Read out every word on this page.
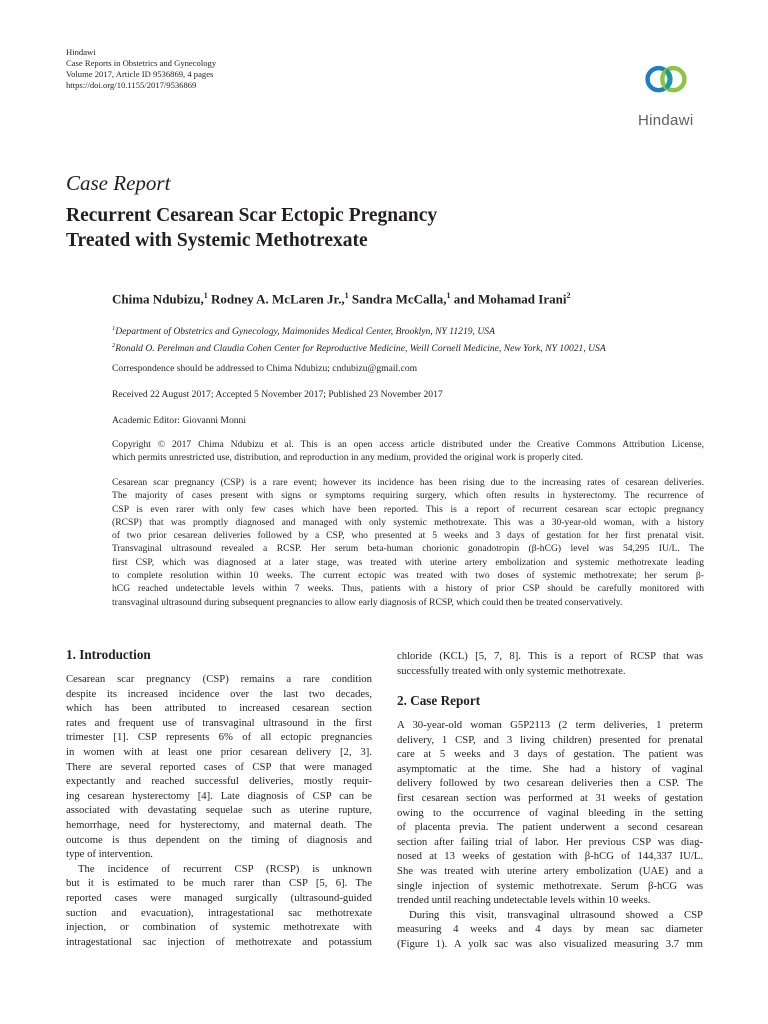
Hindawi
Case Reports in Obstetrics and Gynecology
Volume 2017, Article ID 9536869, 4 pages
https://doi.org/10.1155/2017/9536869
Hindawi
Case Report
Recurrent Cesarean Scar Ectopic Pregnancy
Treated with Systemic Methotrexate
Chima Ndubizu,$^1$ Rodney A. McLaren Jr.,$^1$ Sandra McCalla,$^1$ and Mohamad Irani$^2$
$^1$Department of Obstetrics and Gynecology, Maimonides Medical Center, Brooklyn, NY 11219, USA
$^2$Ronald O. Perelman and Claudia Cohen Center for Reproductive Medicine, Weill Cornell Medicine, New York, NY 10021, USA
Correspondence should be addressed to Chima Ndubizu; cndubizu@gmail.com
Received 22 August 2017; Accepted 5 November 2017; Published 23 November 2017
Academic Editor: Giovanni Monni
Copyright © 2017 Chima Ndubizu et al. This is an open access article distributed under the Creative Commons Attribution License,
which permits unrestricted use, distribution, and reproduction in any medium, provided the original work is properly cited.
Cesarean scar pregnancy (CSP) is a rare event; however its incidence has been rising due to the increasing rates of cesarean deliveries.
The majority of cases present with signs or symptoms requiring surgery, which often results in hysterectomy. The recurrence of
CSP is even rarer with only few cases which have been reported. This is a report of recurrent cesarean scar ectopic pregnancy
(RCSP) that was promptly diagnosed and managed with only systemic methotrexate. This was a 30-year-old woman, with a history
of two prior cesarean deliveries followed by a CSP, who presented at 5 weeks and 3 days of gestation for her first prenatal visit.
Transvaginal ultrasound revealed a RCSP. Her serum beta-human chorionic gonadotropin (β-hCG) level was 54,295 IU/L. The
first CSP, which was diagnosed at a later stage, was treated with uterine artery embolization and systemic methotrexate leading
to complete resolution within 10 weeks. The current ectopic was treated with two doses of systemic methotrexate; her serum β-
hCG reached undetectable levels within 7 weeks. Thus, patients with a history of prior CSP should be carefully monitored with
transvaginal ultrasound during subsequent pregnancies to allow early diagnosis of RCSP, which could then be treated conservatively.
1. Introduction
Cesarean scar pregnancy (CSP) remains a rare condition
despite its increased incidence over the last two decades,
which has been attributed to increased cesarean section
rates and frequent use of transvaginal ultrasound in the first
trimester [1]. CSP represents 6% of all ectopic pregnancies
in women with at least one prior cesarean delivery [2, 3].
There are several reported cases of CSP that were managed
expectantly and reached successful deliveries, mostly requir-
ing cesarean hysterectomy [4]. Late diagnosis of CSP can be
associated with devastating sequelae such as uterine rupture,
hemorrhage, need for hysterectomy, and maternal death. The
outcome is thus dependent on the timing of diagnosis and
type of intervention.
The incidence of recurrent CSP (RCSP) is unknown
but it is estimated to be much rarer than CSP [5, 6]. The
reported cases were managed surgically (ultrasound-guided
suction and evacuation), intragestational sac methotrexate
injection, or combination of systemic methotrexate with
intragestational sac injection of methotrexate and potassium
chloride (KCL) [5, 7, 8]. This is a report of RCSP that was
successfully treated with only systemic methotrexate.
2. Case Report
A 30-year-old woman G5P2113 (2 term deliveries, 1 preterm
delivery, 1 CSP, and 3 living children) presented for prenatal
care at 5 weeks and 3 days of gestation. The patient was
asymptomatic at the time. She had a history of vaginal
delivery followed by two cesarean deliveries then a CSP. The
first cesarean section was performed at 31 weeks of gestation
owing to the occurrence of vaginal bleeding in the setting
of placenta previa. The patient underwent a second cesarean
section after failing trial of labor. Her previous CSP was diag-
nosed at 13 weeks of gestation with β-hCG of 144,337 IU/L.
She was treated with uterine artery embolization (UAE) and a
single injection of systemic methotrexate. Serum β-hCG was
trended until reaching undetectable levels within 10 weeks.
During this visit, transvaginal ultrasound showed a CSP
measuring 4 weeks and 4 days by mean sac diameter
(Figure 1). A yolk sac was also visualized measuring 3.7 mm
